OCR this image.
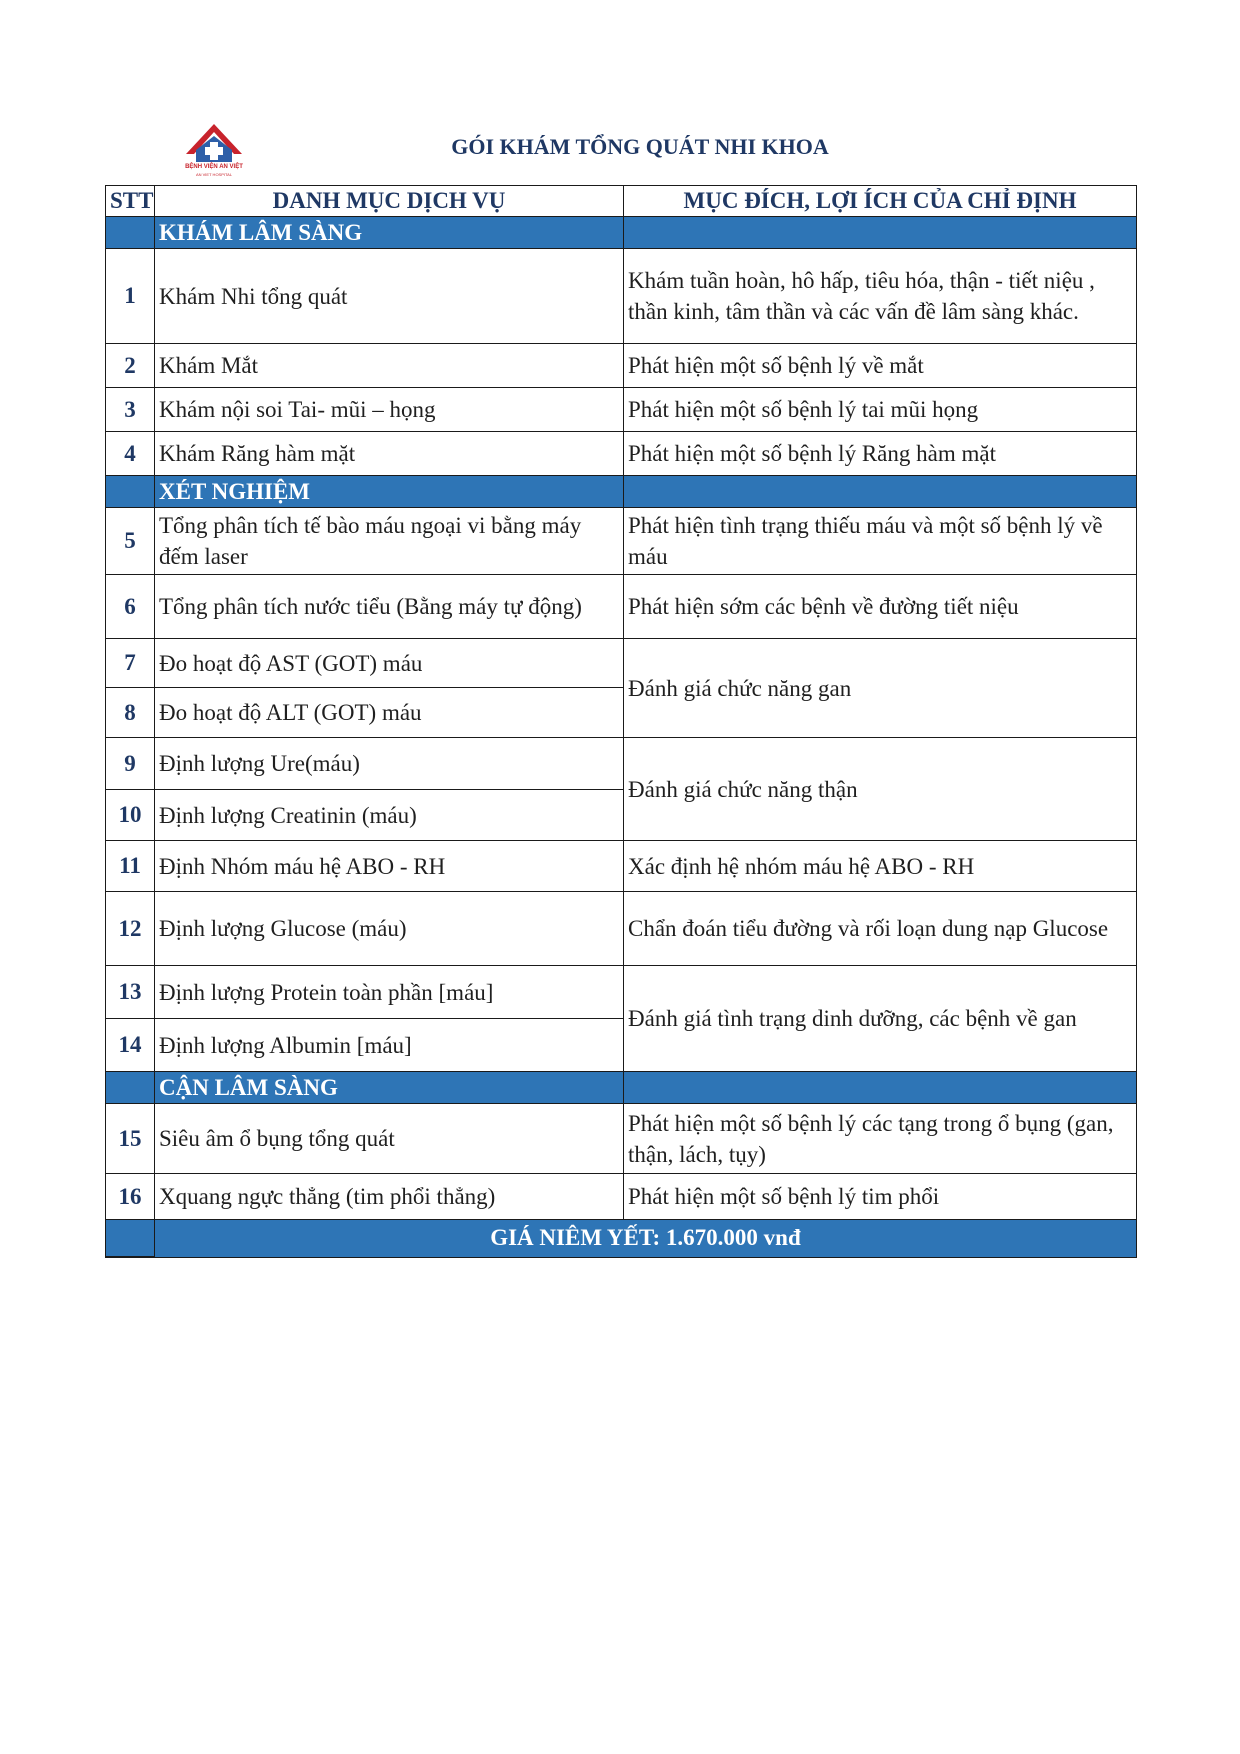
BỆNH VIỆN AN VIỆT
AN VIET HOSPITAL
GÓI KHÁM TỔNG QUÁT NHI KHOA
STT	DANH MỤC DỊCH VỤ	MỤC ĐÍCH, LỢI ÍCH CỦA CHỈ ĐỊNH
	KHÁM LÂM SÀNG	
1	Khám Nhi tổng quát	Khám tuần hoàn, hô hấp, tiêu hóa, thận - tiết niệu , thần kinh, tâm thần và các vấn đề lâm sàng khác.
2	Khám Mắt	Phát hiện một số bệnh lý về mắt
3	Khám nội soi Tai- mũi – họng	Phát hiện một số bệnh lý tai mũi họng
4	Khám Răng hàm mặt	Phát hiện một số bệnh lý Răng hàm mặt
	XÉT NGHIỆM	
5	Tổng phân tích tế bào máu ngoại vi bằng máy đếm laser	Phát hiện tình trạng thiếu máu và một số bệnh lý về máu
6	Tổng phân tích nước tiểu (Bằng máy tự động)	Phát hiện sớm các bệnh về đường tiết niệu
7	Đo hoạt độ AST (GOT) máu	Đánh giá chức năng gan
8	Đo hoạt độ ALT (GOT) máu	
9	Định lượng Ure(máu)	Đánh giá chức năng thận
10	Định lượng Creatinin (máu)	
11	Định Nhóm máu hệ ABO - RH	Xác định hệ nhóm máu hệ ABO - RH
12	Định lượng Glucose (máu)	Chẩn đoán tiểu đường và rối loạn dung nạp Glucose
13	Định lượng Protein toàn phần [máu]	Đánh giá tình trạng dinh dưỡng, các bệnh về gan
14	Định lượng Albumin [máu]	
	CẬN LÂM SÀNG	
15	Siêu âm ổ bụng tổng quát	Phát hiện một số bệnh lý các tạng trong ổ bụng (gan, thận, lách, tụy)
16	Xquang ngực thẳng (tim phổi thẳng)	Phát hiện một số bệnh lý tim phổi
	GIÁ NIÊM YẾT: 1.670.000 vnđ	
